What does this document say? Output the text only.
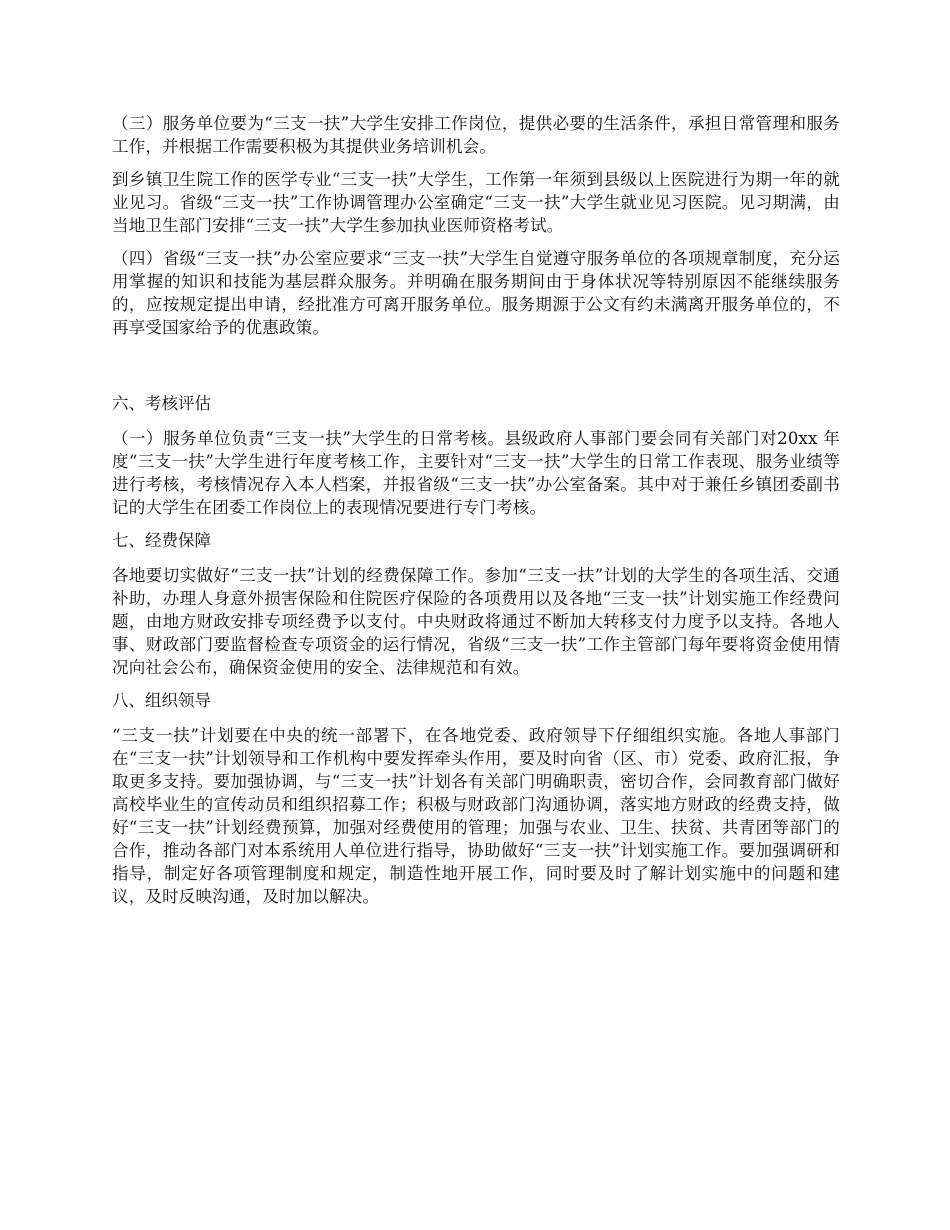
（三）服务单位要为“三支一扶”大学生安排工作岗位，提供必要的生活条件，承担日常管理和服务工作，并根据工作需要积极为其提供业务培训机会。

到乡镇卫生院工作的医学专业“三支一扶”大学生，工作第一年须到县级以上医院进行为期一年的就业见习。省级“三支一扶”工作协调管理办公室确定“三支一扶”大学生就业见习医院。见习期满，由当地卫生部门安排“三支一扶”大学生参加执业医师资格考试。

（四）省级“三支一扶”办公室应要求“三支一扶”大学生自觉遵守服务单位的各项规章制度，充分运用掌握的知识和技能为基层群众服务。并明确在服务期间由于身体状况等特别原因不能继续服务的，应按规定提出申请，经批准方可离开服务单位。服务期源于公文有约未满离开服务单位的，不再享受国家给予的优惠政策。

六、考核评估

（一）服务单位负责“三支一扶”大学生的日常考核。县级政府人事部门要会同有关部门对20xx 年度“三支一扶”大学生进行年度考核工作，主要针对“三支一扶”大学生的日常工作表现、服务业绩等进行考核，考核情况存入本人档案，并报省级“三支一扶”办公室备案。其中对于兼任乡镇团委副书记的大学生在团委工作岗位上的表现情况要进行专门考核。

七、经费保障

各地要切实做好“三支一扶”计划的经费保障工作。参加“三支一扶”计划的大学生的各项生活、交通补助，办理人身意外损害保险和住院医疗保险的各项费用以及各地“三支一扶”计划实施工作经费问题，由地方财政安排专项经费予以支付。中央财政将通过不断加大转移支付力度予以支持。各地人事、财政部门要监督检查专项资金的运行情况，省级“三支一扶”工作主管部门每年要将资金使用情况向社会公布，确保资金使用的安全、法律规范和有效。

八、组织领导

“三支一扶”计划要在中央的统一部署下，在各地党委、政府领导下仔细组织实施。各地人事部门在“三支一扶”计划领导和工作机构中要发挥牵头作用，要及时向省（区、市）党委、政府汇报，争取更多支持。要加强协调，与“三支一扶”计划各有关部门明确职责，密切合作，会同教育部门做好高校毕业生的宣传动员和组织招募工作；积极与财政部门沟通协调，落实地方财政的经费支持，做好“三支一扶”计划经费预算，加强对经费使用的管理；加强与农业、卫生、扶贫、共青团等部门的合作，推动各部门对本系统用人单位进行指导，协助做好“三支一扶”计划实施工作。要加强调研和指导，制定好各项管理制度和规定，制造性地开展工作，同时要及时了解计划实施中的问题和建议，及时反映沟通，及时加以解决。
